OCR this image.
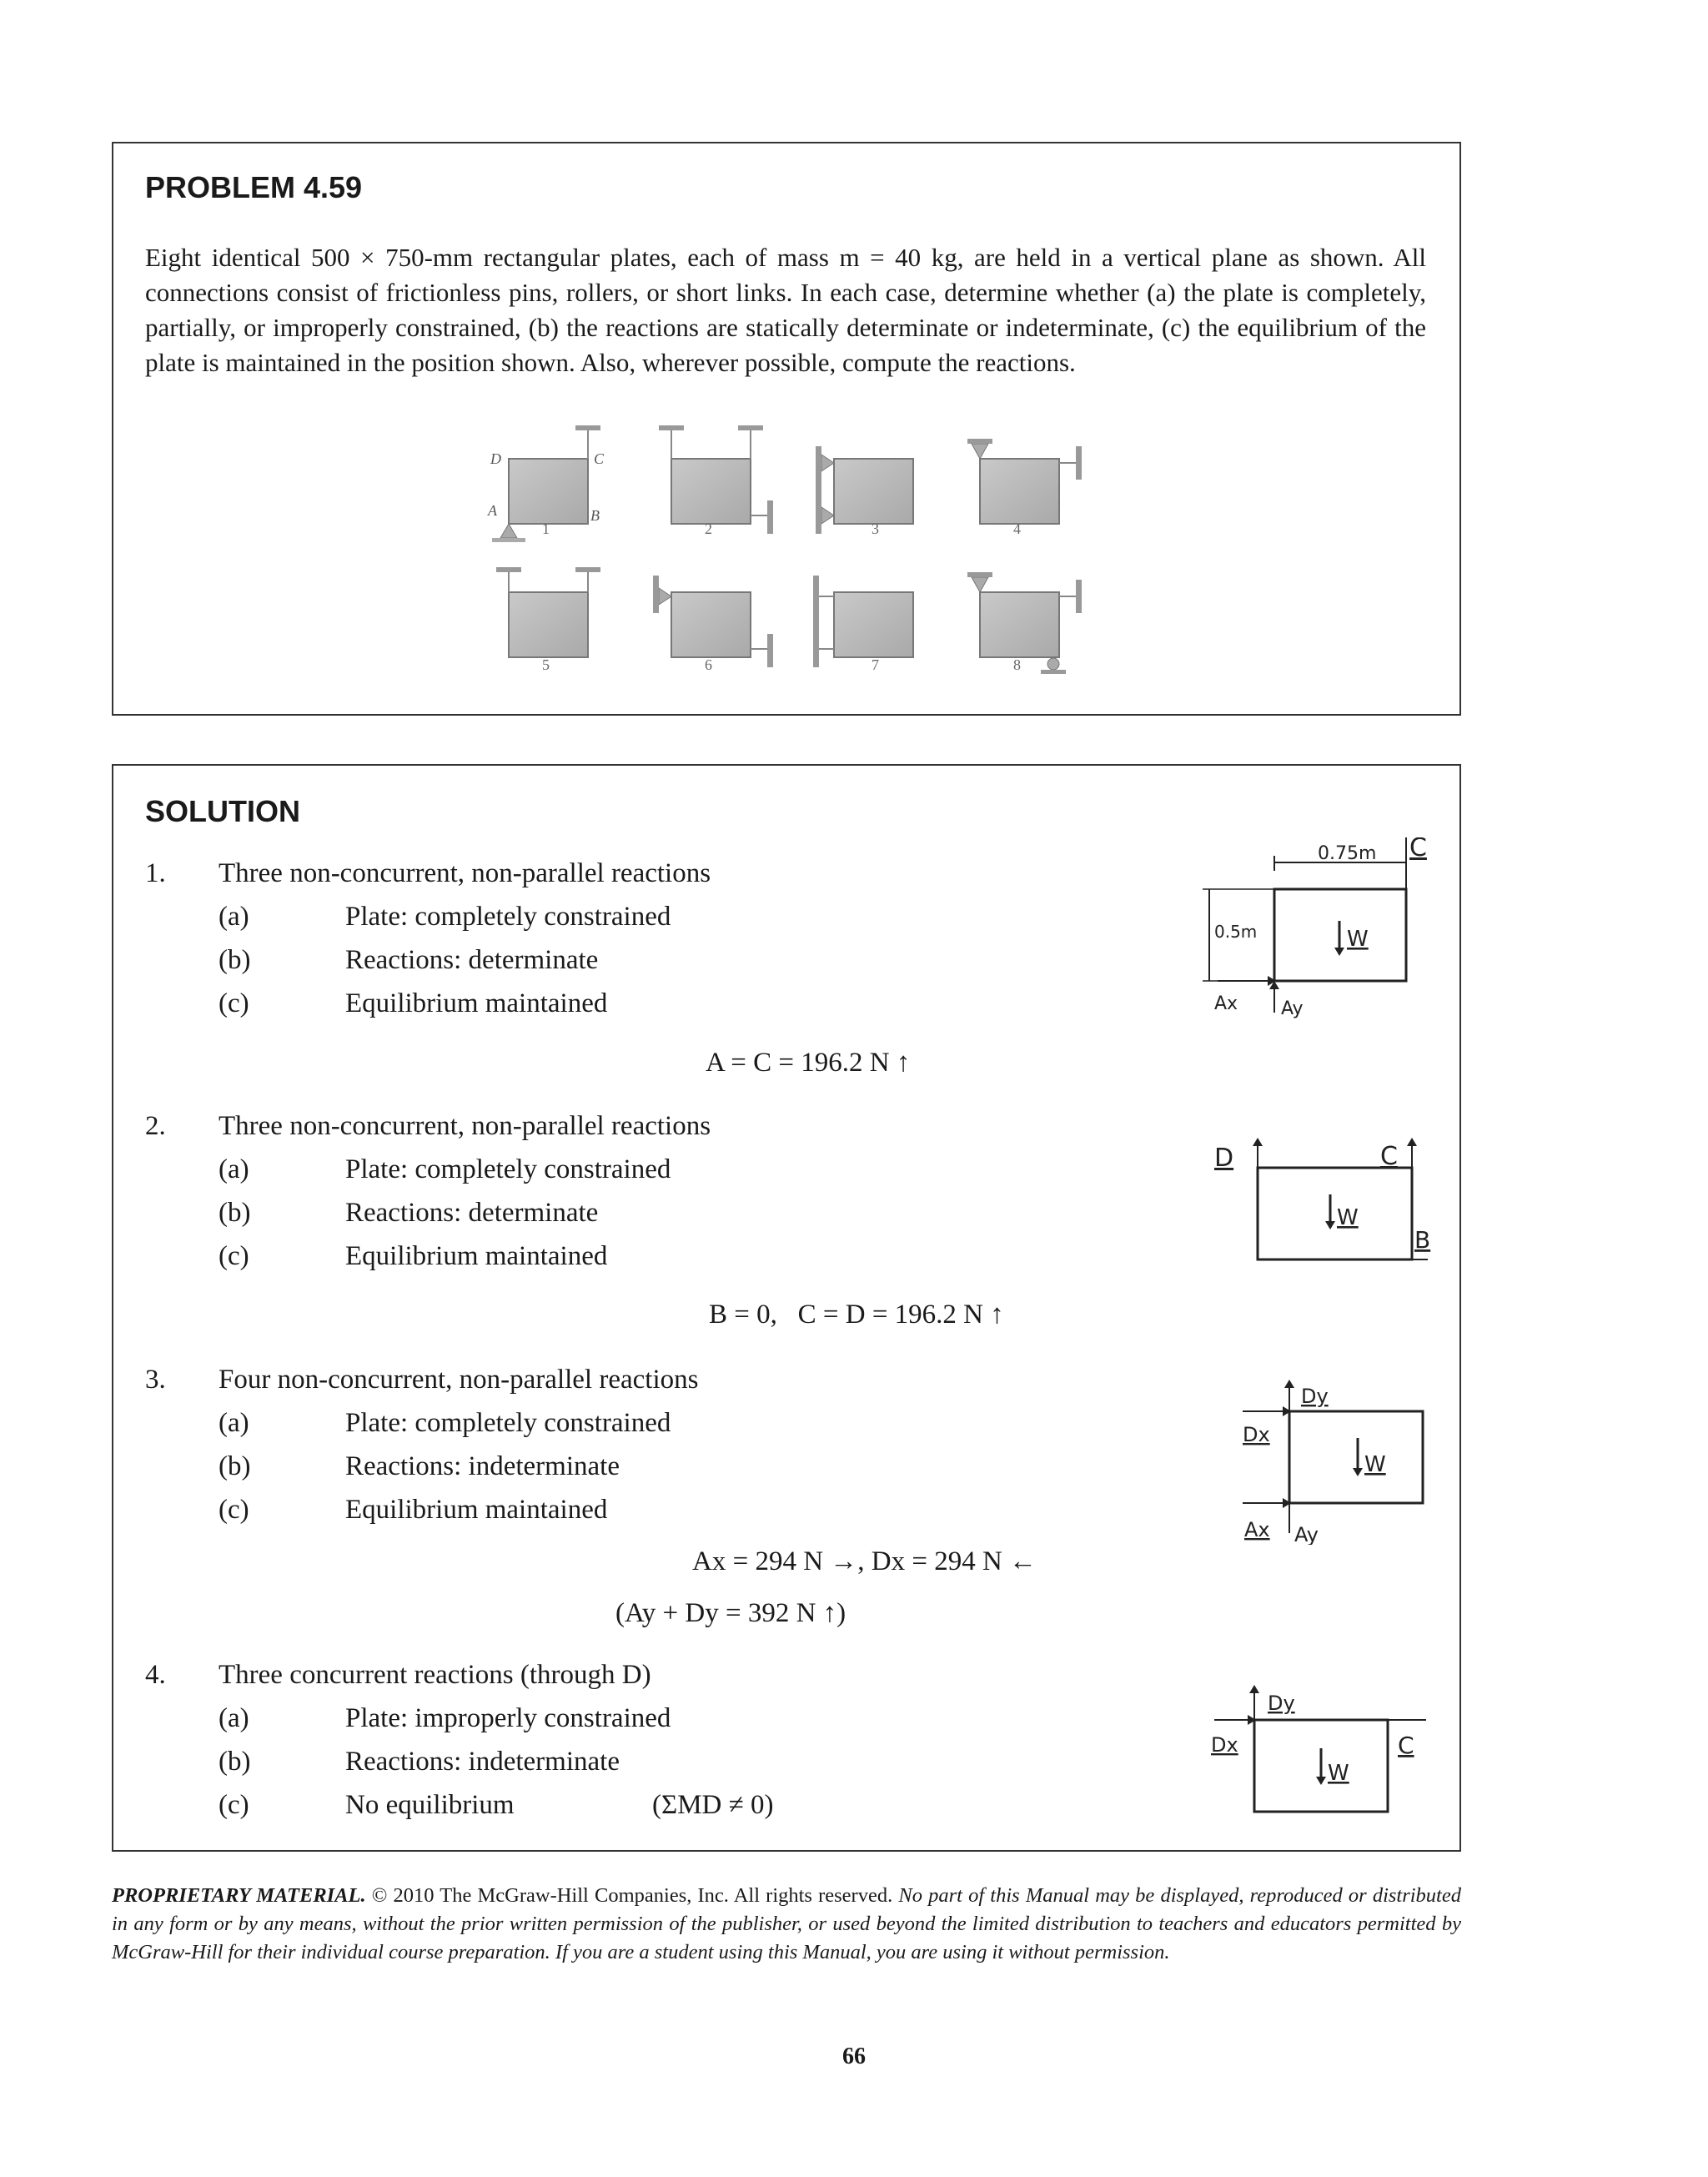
PROBLEM 4.59

Eight identical 500 × 750-mm rectangular plates, each of mass m = 40 kg, are held in a vertical plane as shown. All connections consist of frictionless pins, rollers, or short links. In each case, determine whether (a) the plate is completely, partially, or improperly constrained, (b) the reactions are statically determinate or indeterminate, (c) the equilibrium of the plate is maintained in the position shown. Also, wherever possible, compute the reactions.

D	C
A	B
1	2	3	4
5	6	7	8
SOLUTION
1. Three non-concurrent, non-parallel reactions
(a)	Plate: completely constrained
(b)	Reactions: determinate
(c)	Equilibrium maintained
A = C = 196.2 N ↑
2. Three non-concurrent, non-parallel reactions
(a)	Plate: completely constrained
(b)	Reactions: determinate
(c)	Equilibrium maintained
B = 0,   C = D = 196.2 N ↑
3. Four non-concurrent, non-parallel reactions
(a)	Plate: completely constrained
(b)	Reactions: indeterminate
(c)	Equilibrium maintained
Ax = 294 N →, Dx = 294 N ←
(Ay + Dy = 392 N ↑)
4. Three concurrent reactions (through D)
(a)	Plate: improperly constrained
(b)	Reactions: indeterminate
(c)	No equilibrium	(ΣMD ≠ 0)
0.75m
0.5m
C
W
Ax Ay
D	C
W
B
Dy
Dx
W
Ax Ay
Dy
Dx
W
C
PROPRIETARY MATERIAL. © 2010 The McGraw-Hill Companies, Inc. All rights reserved. No part of this Manual may be displayed, reproduced or distributed in any form or by any means, without the prior written permission of the publisher, or used beyond the limited distribution to teachers and educators permitted by McGraw-Hill for their individual course preparation. If you are a student using this Manual, you are using it without permission.
66
